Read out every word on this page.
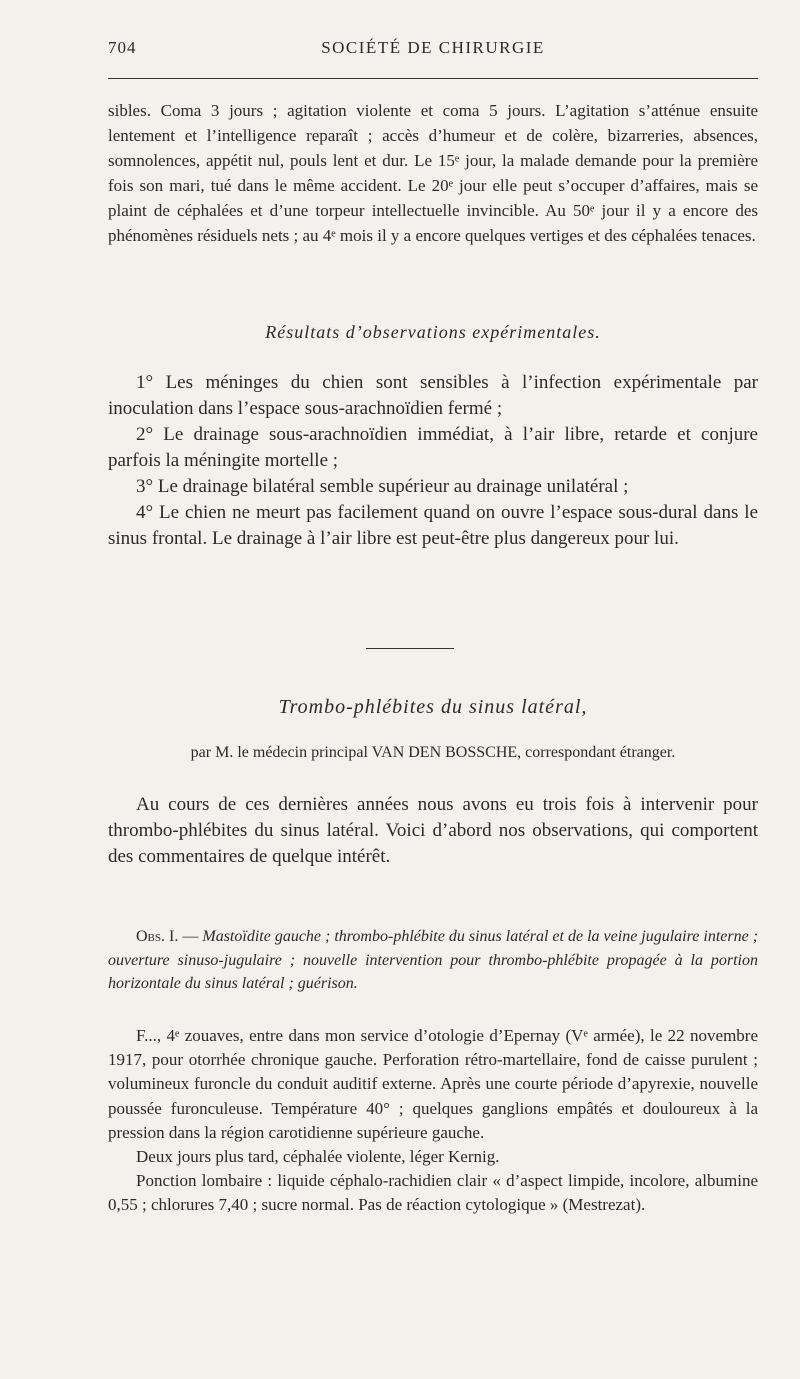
704	SOCIÉTÉ DE CHIRURGIE

sibles. Coma 3 jours ; agitation violente et coma 5 jours. L’agitation s’atténue ensuite lentement et l’intelligence reparaît ; accès d’humeur et de colère, bizarreries, absences, somnolences, appétit nul, pouls lent et dur. Le 15ᵉ jour, la malade demande pour la première fois son mari, tué dans le même accident. Le 20ᵉ jour elle peut s’occuper d’affaires, mais se plaint de céphalées et d’une torpeur intellectuelle invincible. Au 50ᵉ jour il y a encore des phénomènes résiduels nets ; au 4ᵉ mois il y a encore quelques vertiges et des céphalées tenaces.

Résultats d’observations expérimentales.

1° Les méninges du chien sont sensibles à l’infection expérimentale par inoculation dans l’espace sous-arachnoïdien fermé ;

2° Le drainage sous-arachnoïdien immédiat, à l’air libre, retarde et conjure parfois la méningite mortelle ;

3° Le drainage bilatéral semble supérieur au drainage unilatéral ;

4° Le chien ne meurt pas facilement quand on ouvre l’espace sous-dural dans le sinus frontal. Le drainage à l’air libre est peut-être plus dangereux pour lui.

Trombo-phlébites du sinus latéral,
par M. le médecin principal VAN DEN BOSSCHE, correspondant étranger.

Au cours de ces dernières années nous avons eu trois fois à intervenir pour thrombo-phlébites du sinus latéral. Voici d’abord nos observations, qui comportent des commentaires de quelque intérêt.

Obs. I. — Mastoïdite gauche ; thrombo-phlébite du sinus latéral et de la veine jugulaire interne ; ouverture sinuso-jugulaire ; nouvelle intervention pour thrombo-phlébite propagée à la portion horizontale du sinus latéral ; guérison.

F..., 4ᵉ zouaves, entre dans mon service d’otologie d’Epernay (Vᵉ armée), le 22 novembre 1917, pour otorrhée chronique gauche. Perforation rétro-martellaire, fond de caisse purulent ; volumineux furoncle du conduit auditif externe. Après une courte période d’apyrexie, nouvelle poussée furonculeuse. Température 40° ; quelques ganglions empâtés et douloureux à la pression dans la région carotidienne supérieure gauche.

Deux jours plus tard, céphalée violente, léger Kernig.

Ponction lombaire : liquide céphalo-rachidien clair « d’aspect limpide, incolore, albumine 0,55 ; chlorures 7,40 ; sucre normal. Pas de réaction cytologique » (Mestrezat).
